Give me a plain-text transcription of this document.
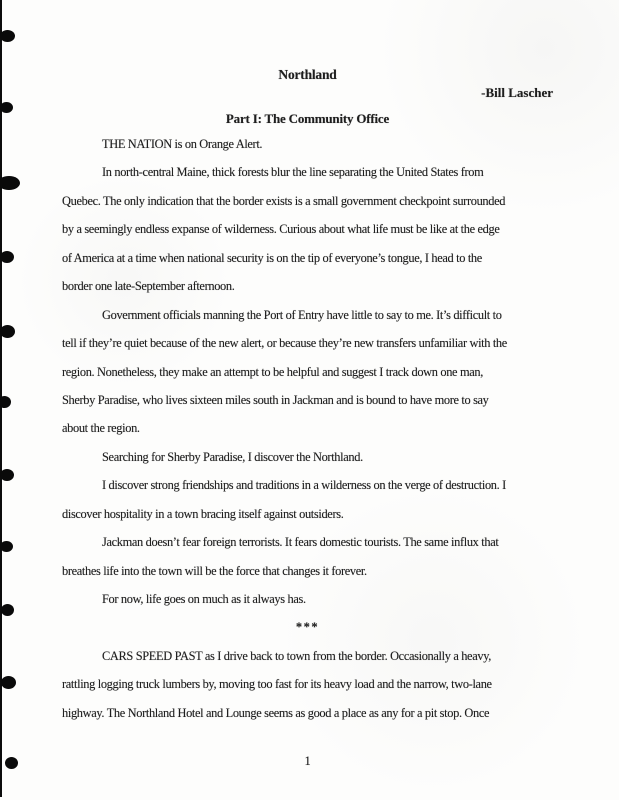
Northland
-Bill Lascher
Part I: The Community Office
THE NATION is on Orange Alert.
In north-central Maine, thick forests blur the line separating the United States from
Quebec. The only indication that the border exists is a small government checkpoint surrounded
by a seemingly endless expanse of wilderness. Curious about what life must be like at the edge
of America at a time when national security is on the tip of everyone’s tongue, I head to the
border one late-September afternoon.
Government officials manning the Port of Entry have little to say to me. It’s difficult to
tell if they’re quiet because of the new alert, or because they’re new transfers unfamiliar with the
region. Nonetheless, they make an attempt to be helpful and suggest I track down one man,
Sherby Paradise, who lives sixteen miles south in Jackman and is bound to have more to say
about the region.
Searching for Sherby Paradise, I discover the Northland.
I discover strong friendships and traditions in a wilderness on the verge of destruction. I
discover hospitality in a town bracing itself against outsiders.
Jackman doesn’t fear foreign terrorists. It fears domestic tourists. The same influx that
breathes life into the town will be the force that changes it forever.
For now, life goes on much as it always has.
***
CARS SPEED PAST as I drive back to town from the border. Occasionally a heavy,
rattling logging truck lumbers by, moving too fast for its heavy load and the narrow, two-lane
highway. The Northland Hotel and Lounge seems as good a place as any for a pit stop. Once
1
